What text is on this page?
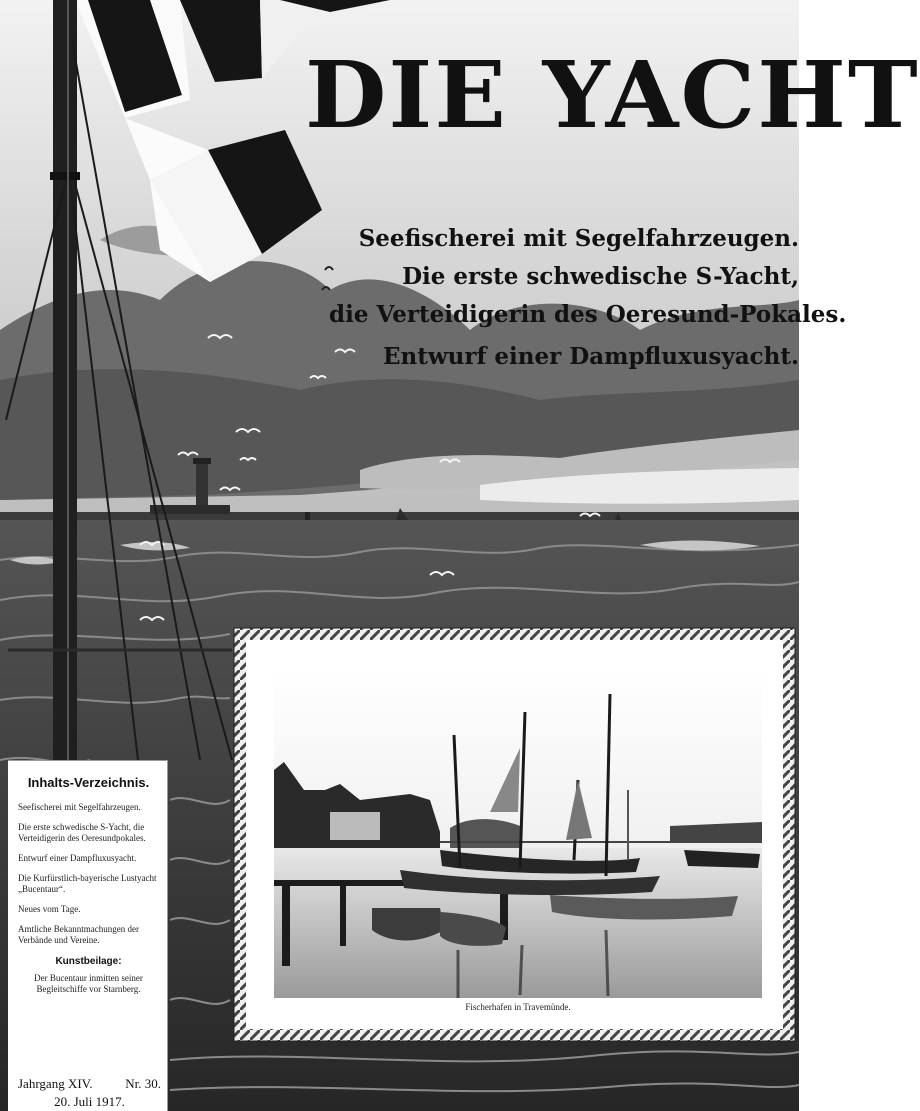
DIE YACHT
Seefischerei mit Segelfahrzeugen.
Die erste schwedische S-Yacht,
die Verteidigerin des Oeresund-Pokales.
Entwurf einer Dampfluxusyacht.
Inhalts-Verzeichnis.
Seefischerei mit Segelfahrzeugen.
Die erste schwedische S-Yacht, die Verteidigerin des Oeresundpokales.
Entwurf einer Dampfluxusyacht.
Die Kurfürstlich-bayerische Lustyacht „Bucentaur“.
Neues vom Tage.
Amtliche Bekanntmachungen der Verbände und Vereine.
Kunstbeilage:
Der Bucentaur inmitten seiner Begleitschiffe vor Starnberg.
Jahrgang XIV.	Nr. 30.
20. Juli 1917.
Fischerhafen in Travemünde.
